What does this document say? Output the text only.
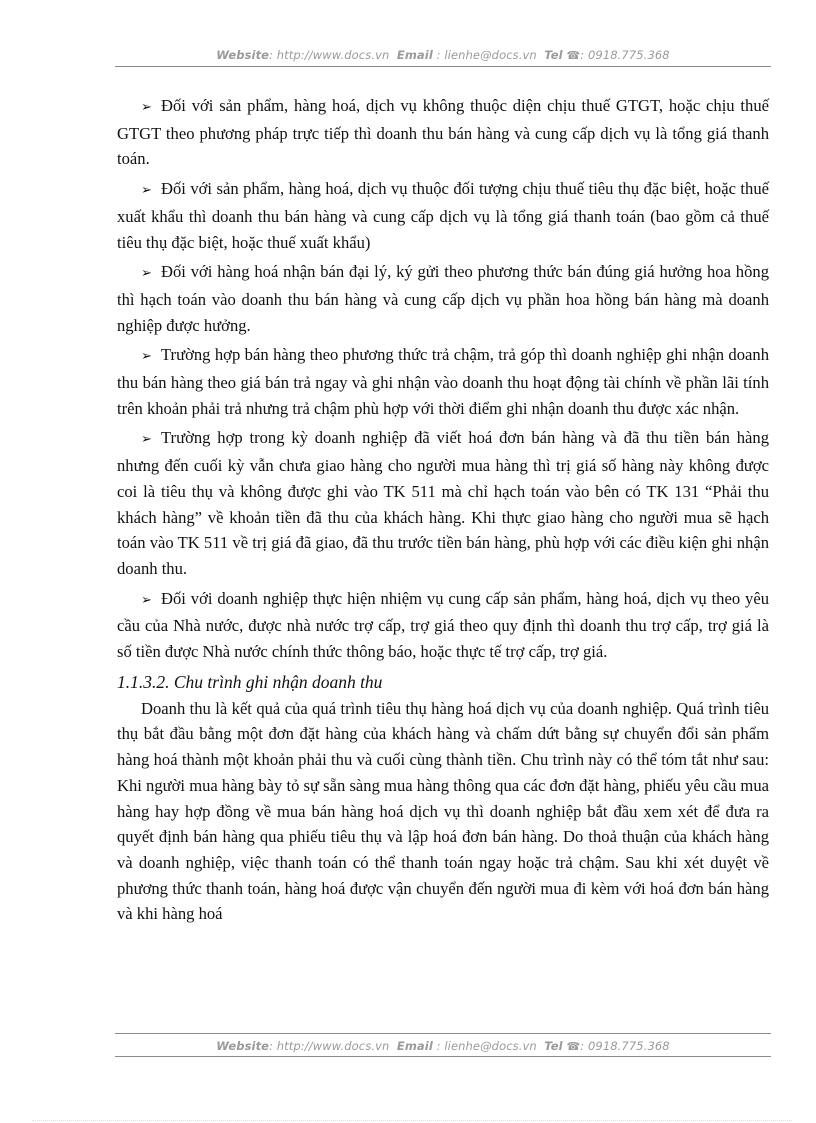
Website: http://www.docs.vn Email : lienhe@docs.vn Tel ☎: 0918.775.368

➢ Đối với sản phẩm, hàng hoá, dịch vụ không thuộc diện chịu thuế GTGT, hoặc chịu thuế GTGT theo phương pháp trực tiếp thì doanh thu bán hàng và cung cấp dịch vụ là tổng giá thanh toán.

➢ Đối với sản phẩm, hàng hoá, dịch vụ thuộc đối tượng chịu thuế tiêu thụ đặc biệt, hoặc thuế xuất khẩu thì doanh thu bán hàng và cung cấp dịch vụ là tổng giá thanh toán (bao gồm cả thuế tiêu thụ đặc biệt, hoặc thuế xuất khẩu)

➢ Đối với hàng hoá nhận bán đại lý, ký gửi theo phương thức bán đúng giá hưởng hoa hồng thì hạch toán vào doanh thu bán hàng và cung cấp dịch vụ phần hoa hồng bán hàng mà doanh nghiệp được hưởng.

➢ Trường hợp bán hàng theo phương thức trả chậm, trả góp thì doanh nghiệp ghi nhận doanh thu bán hàng theo giá bán trả ngay và ghi nhận vào doanh thu hoạt động tài chính về phần lãi tính trên khoản phải trả nhưng trả chậm phù hợp với thời điểm ghi nhận doanh thu được xác nhận.

➢ Trường hợp trong kỳ doanh nghiệp đã viết hoá đơn bán hàng và đã thu tiền bán hàng nhưng đến cuối kỳ vẫn chưa giao hàng cho người mua hàng thì trị giá số hàng này không được coi là tiêu thụ và không được ghi vào TK 511 mà chỉ hạch toán vào bên có TK 131 “Phải thu khách hàng” về khoản tiền đã thu của khách hàng. Khi thực giao hàng cho người mua sẽ hạch toán vào TK 511 về trị giá đã giao, đã thu trước tiền bán hàng, phù hợp với các điều kiện ghi nhận doanh thu.

➢ Đối với doanh nghiệp thực hiện nhiệm vụ cung cấp sản phẩm, hàng hoá, dịch vụ theo yêu cầu của Nhà nước, được nhà nước trợ cấp, trợ giá theo quy định thì doanh thu trợ cấp, trợ giá là số tiền được Nhà nước chính thức thông báo, hoặc thực tế trợ cấp, trợ giá.

1.1.3.2. Chu trình ghi nhận doanh thu

Doanh thu là kết quả của quá trình tiêu thụ hàng hoá dịch vụ của doanh nghiệp. Quá trình tiêu thụ bắt đầu bằng một đơn đặt hàng của khách hàng và chấm dứt bằng sự chuyển đổi sản phẩm hàng hoá thành một khoản phải thu và cuối cùng thành tiền. Chu trình này có thể tóm tắt như sau: Khi người mua hàng bày tỏ sự sẵn sàng mua hàng thông qua các đơn đặt hàng, phiếu yêu cầu mua hàng hay hợp đồng về mua bán hàng hoá dịch vụ thì doanh nghiệp bắt đầu xem xét để đưa ra quyết định bán hàng qua phiếu tiêu thụ và lập hoá đơn bán hàng. Do thoả thuận của khách hàng và doanh nghiệp, việc thanh toán có thể thanh toán ngay hoặc trả chậm. Sau khi xét duyệt về phương thức thanh toán, hàng hoá được vận chuyển đến người mua đi kèm với hoá đơn bán hàng và khi hàng hoá

Website: http://www.docs.vn Email : lienhe@docs.vn Tel ☎: 0918.775.368
